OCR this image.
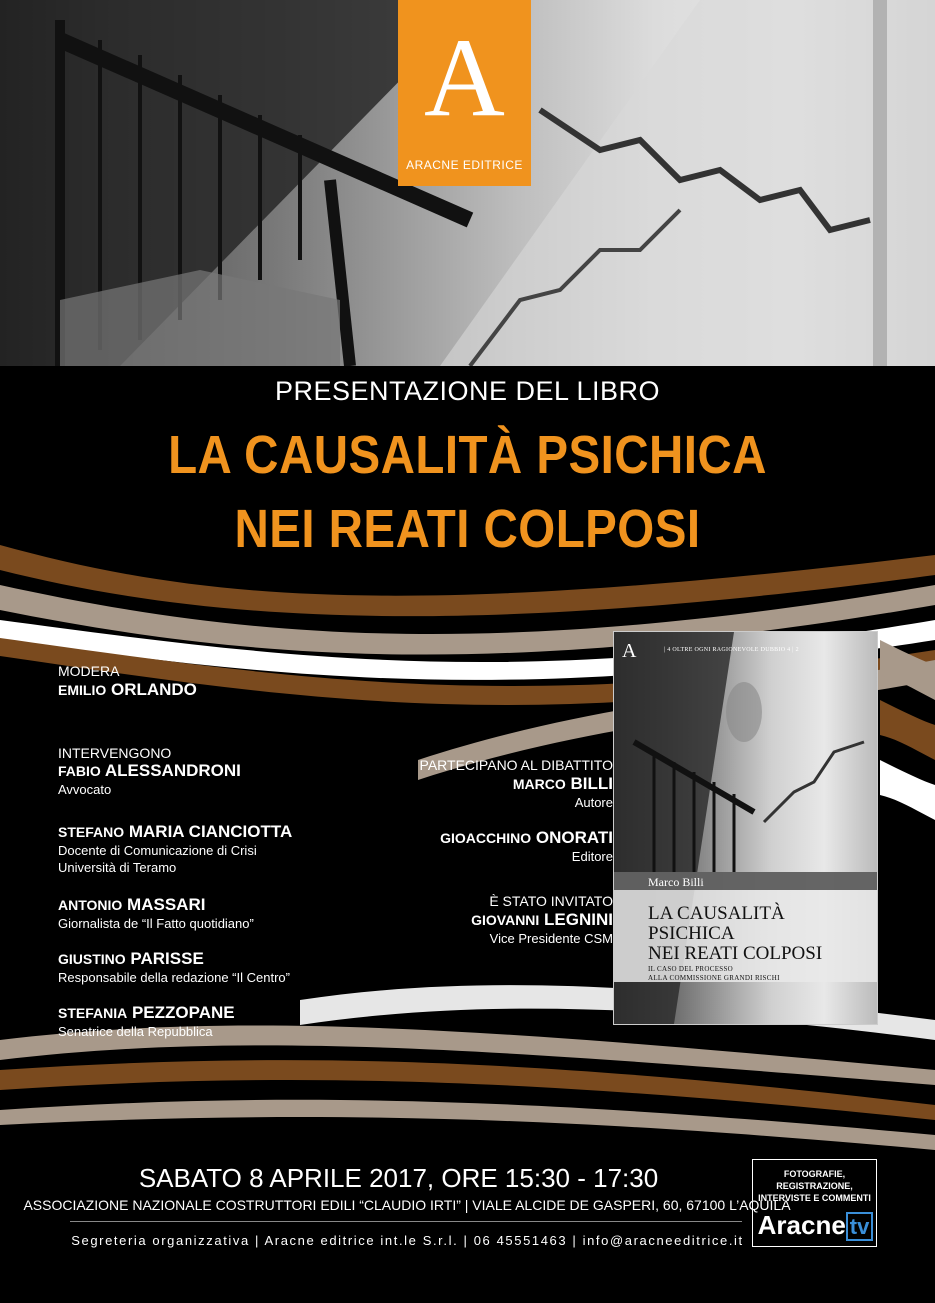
A
ARACNE EDITRICE
PRESENTAZIONE DEL LIBRO
LA CAUSALITÀ PSICHICA
NEI REATI COLPOSI

MODERA

EMILIO ORLANDO

INTERVENGONO

FABIO ALESSANDRONI

Avvocato

STEFANO MARIA CIANCIOTTA

Docente di Comunicazione di Crisi

Università di Teramo

ANTONIO MASSARI

Giornalista de “Il Fatto quotidiano”

GIUSTINO PARISSE

Responsabile della redazione “Il Centro”

STEFANIA PEZZOPANE

Senatrice della Repubblica

PARTECIPANO AL DIBATTITO

MARCO BILLI

Autore

GIOACCHINO ONORATI

Editore

È STATO INVITATO

GIOVANNI LEGNINI

Vice Presidente CSM

A	| 4 OLTRE OGNI RAGIONEVOLE DUBBIO 4 | 2
Marco Billi
LA CAUSALITÀ
PSICHICA
NEI REATI COLPOSI
IL CASO DEL PROCESSO
ALLA COMMISSIONE GRANDI RISCHI
SABATO 8 APRILE 2017, ORE 15:30 - 17:30
ASSOCIAZIONE NAZIONALE COSTRUTTORI EDILI “CLAUDIO IRTI” | VIALE ALCIDE DE GASPERI, 60, 67100 L’AQUILA
Segreteria organizzativa | Aracne editrice int.le S.r.l. | 06 45551463 | info@aracneeditrice.it
FOTOGRAFIE, REGISTRAZIONE,
INTERVISTE E COMMENTI
Aracne tv
